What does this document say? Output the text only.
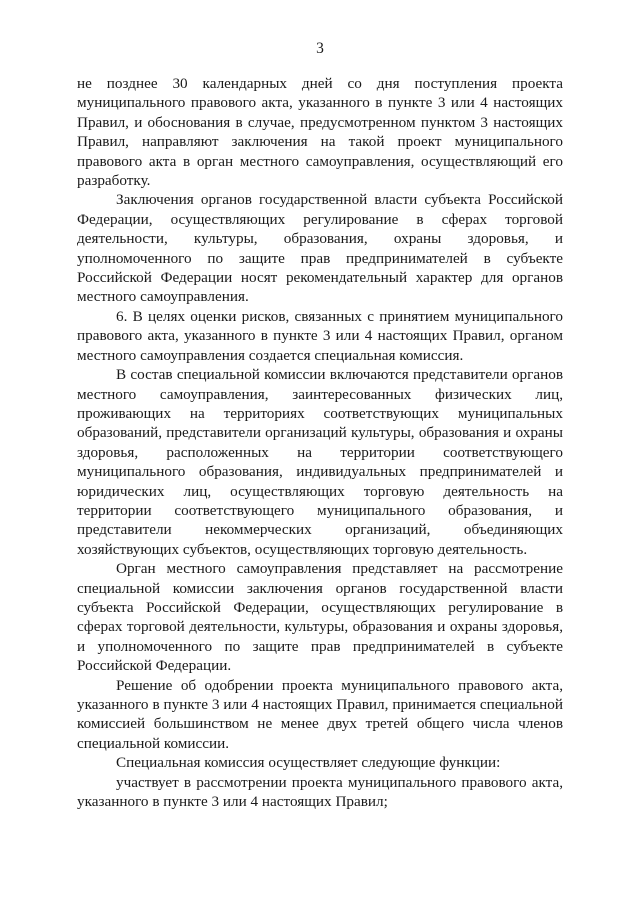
3

не позднее 30 календарных дней со дня поступления проекта муниципального правового акта, указанного в пункте 3 или 4 настоящих Правил, и обоснования в случае, предусмотренном пунктом 3 настоящих Правил, направляют заключения на такой проект муниципального правового акта в орган местного самоуправления, осуществляющий его разработку.

Заключения органов государственной власти субъекта Российской Федерации, осуществляющих регулирование в сферах торговой деятельности, культуры, образования, охраны здоровья, и уполномоченного по защите прав предпринимателей в субъекте Российской Федерации носят рекомендательный характер для органов местного самоуправления.

6. В целях оценки рисков, связанных с принятием муниципального правового акта, указанного в пункте 3 или 4 настоящих Правил, органом местного самоуправления создается специальная комиссия.

В состав специальной комиссии включаются представители органов местного самоуправления, заинтересованных физических лиц, проживающих на территориях соответствующих муниципальных образований, представители организаций культуры, образования и охраны здоровья, расположенных на территории соответствующего муниципального образования, индивидуальных предпринимателей и юридических лиц, осуществляющих торговую деятельность на территории соответствующего муниципального образования, и представители некоммерческих организаций, объединяющих хозяйствующих субъектов, осуществляющих торговую деятельность.

Орган местного самоуправления представляет на рассмотрение специальной комиссии заключения органов государственной власти субъекта Российской Федерации, осуществляющих регулирование в сферах торговой деятельности, культуры, образования и охраны здоровья, и уполномоченного по защите прав предпринимателей в субъекте Российской Федерации.

Решение об одобрении проекта муниципального правового акта, указанного в пункте 3 или 4 настоящих Правил, принимается специальной комиссией большинством не менее двух третей общего числа членов специальной комиссии.

Специальная комиссия осуществляет следующие функции:

участвует в рассмотрении проекта муниципального правового акта, указанного в пункте 3 или 4 настоящих Правил;
